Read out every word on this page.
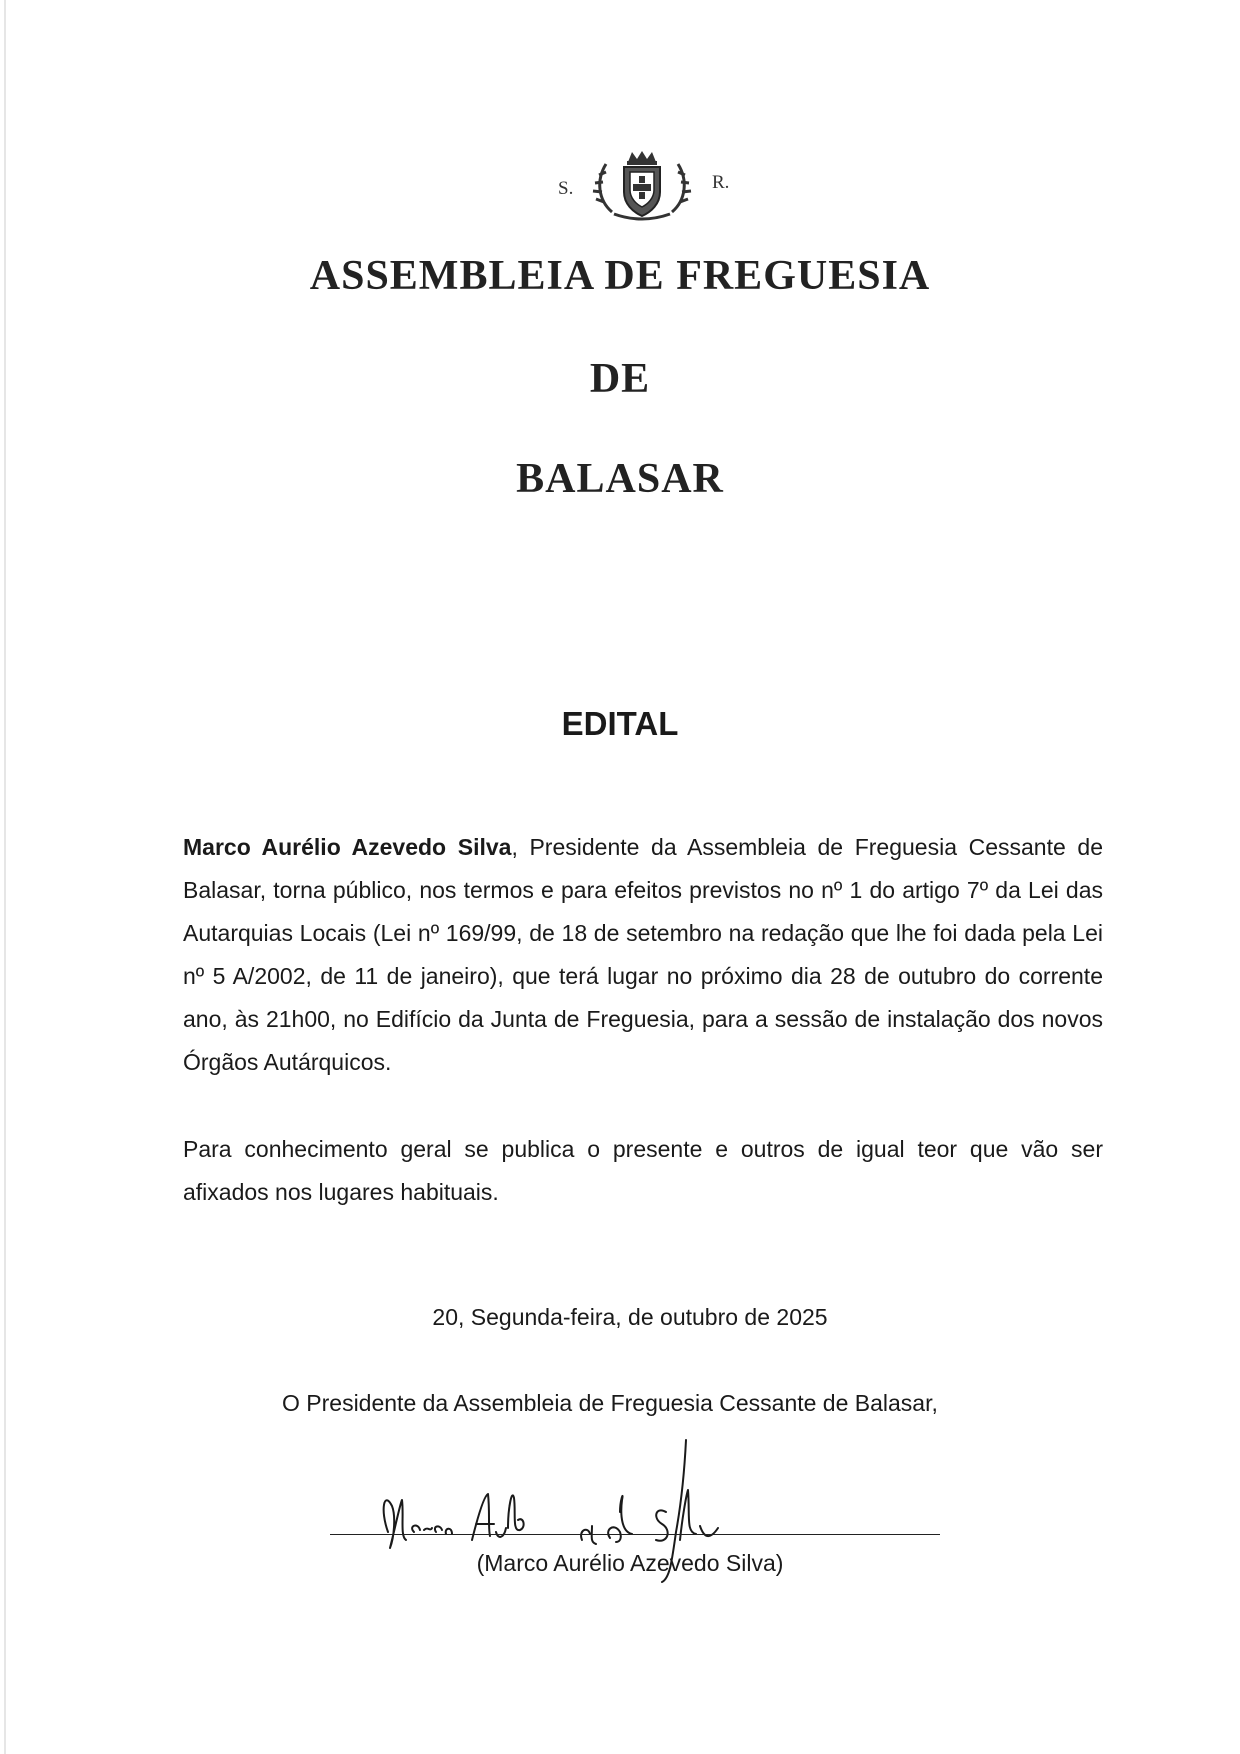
S.	R.
ASSEMBLEIA DE FREGUESIA
DE
BALASAR
EDITAL
Marco Aurélio Azevedo Silva, Presidente da Assembleia de Freguesia Cessante de Balasar, torna público, nos termos e para efeitos previstos no nº 1 do artigo 7º da Lei das Autarquias Locais (Lei nº 169/99, de 18 de setembro na redação que lhe foi dada pela Lei nº 5 A/2002, de 11 de janeiro), que terá lugar no próximo dia 28 de outubro do corrente ano, às 21h00, no Edifício da Junta de Freguesia, para a sessão de instalação dos novos Órgãos Autárquicos.
Para conhecimento geral se publica o presente e outros de igual teor que vão ser afixados nos lugares habituais.
20, Segunda-feira, de outubro de 2025
O Presidente da Assembleia de Freguesia Cessante de Balasar,
(Marco Aurélio Azevedo Silva)
